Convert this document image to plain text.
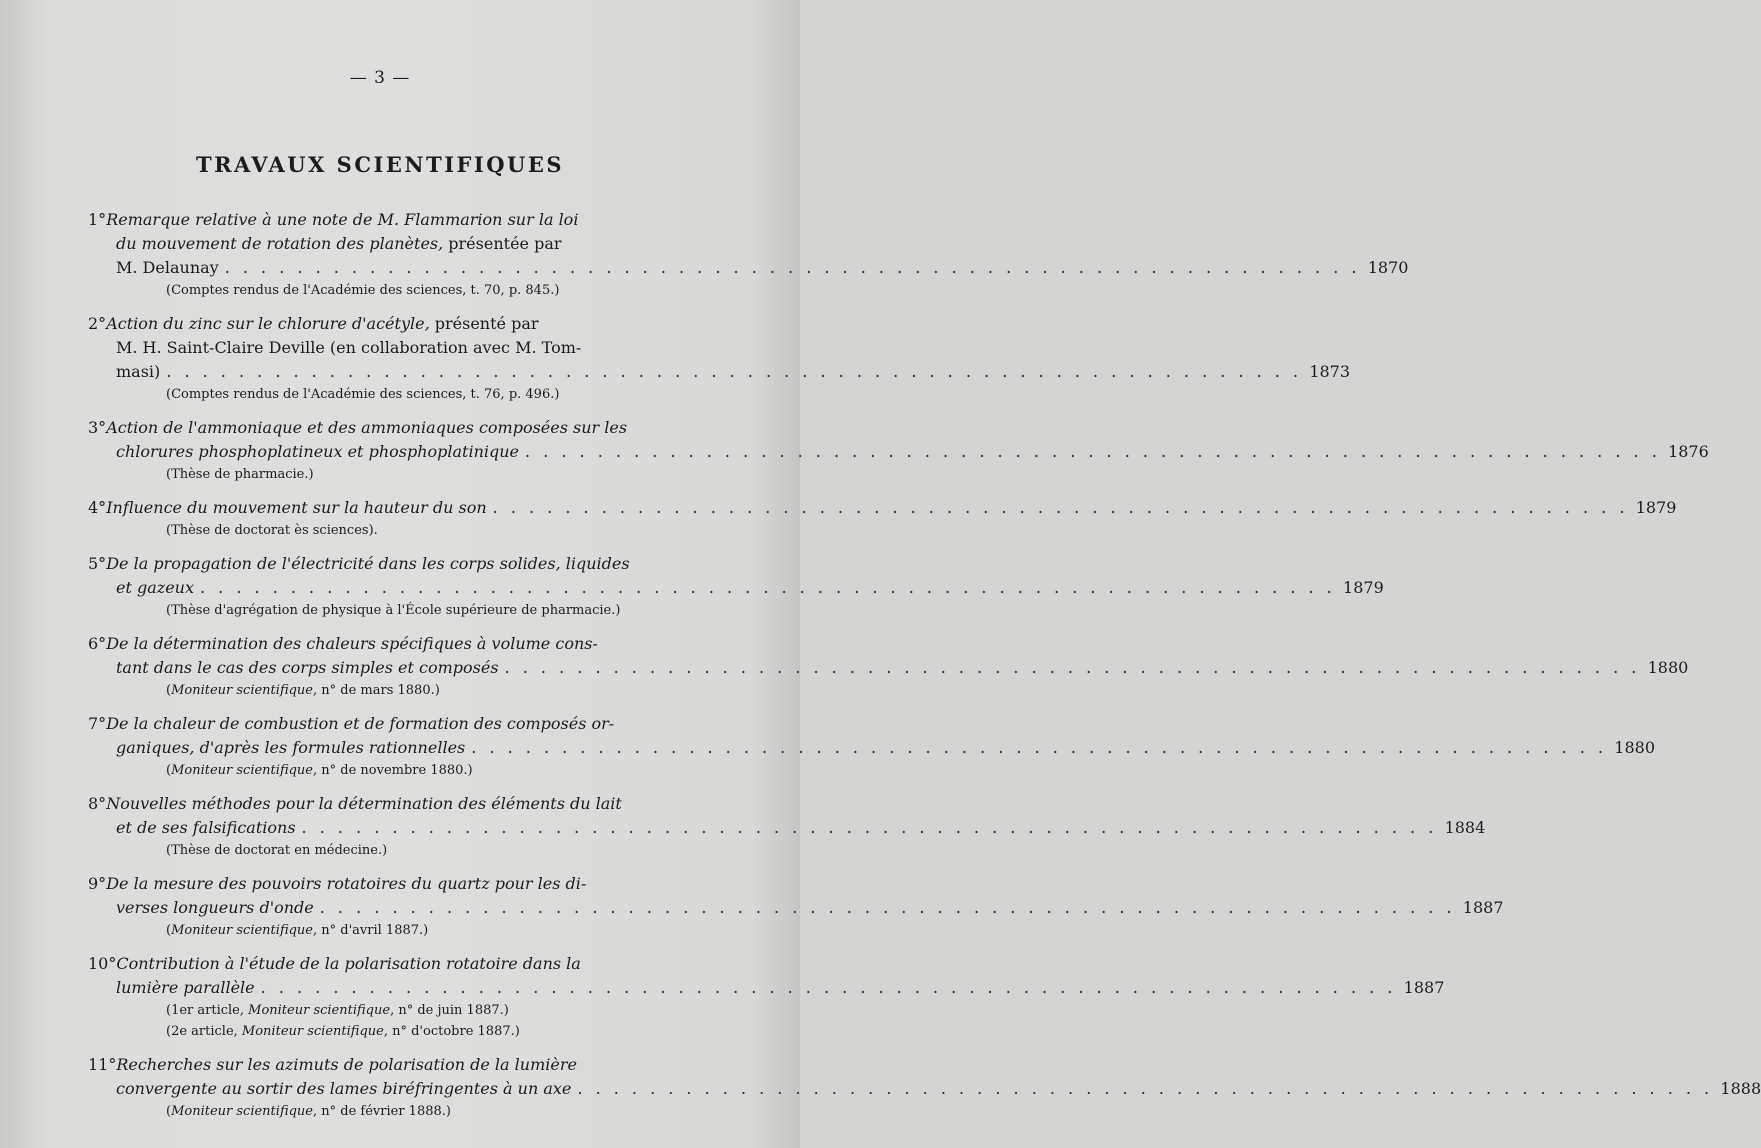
— 3 —
TRAVAUX SCIENTIFIQUES
1°Remarque relative à une note de M. Flammarion sur la loi
du mouvement de rotation des planètes, présentée par
M. Delaunay . . . . . . . . . . . . . . . . . . . . . . . . . . . . . . . . . . . . . . . . . . . . . . . . . . . . . . . . . . . . . . . 1870
(Comptes rendus de l'Académie des sciences, t. 70, p. 845.)
2°Action du zinc sur le chlorure d'acétyle, présenté par
M. H. Saint-Claire Deville (en collaboration avec M. Tom-
masi) . . . . . . . . . . . . . . . . . . . . . . . . . . . . . . . . . . . . . . . . . . . . . . . . . . . . . . . . . . . . . . . 1873
(Comptes rendus de l'Académie des sciences, t. 76, p. 496.)
3°Action de l'ammoniaque et des ammoniaques composées sur les
chlorures phosphoplatineux et phosphoplatinique . . . . . . . . . . . . . . . . . . . . . . . . . . . . . . . . . . . . . . . . . . . . . . . . . . . . . . . . . . . . . . . 1876
(Thèse de pharmacie.)
4°Influence du mouvement sur la hauteur du son . . . . . . . . . . . . . . . . . . . . . . . . . . . . . . . . . . . . . . . . . . . . . . . . . . . . . . . . . . . . . . . 1879
(Thèse de doctorat ès sciences).
5°De la propagation de l'électricité dans les corps solides, liquides
et gazeux . . . . . . . . . . . . . . . . . . . . . . . . . . . . . . . . . . . . . . . . . . . . . . . . . . . . . . . . . . . . . . . 1879
(Thèse d'agrégation de physique à l'École supérieure de pharmacie.)
6°De la détermination des chaleurs spécifiques à volume cons-
tant dans le cas des corps simples et composés . . . . . . . . . . . . . . . . . . . . . . . . . . . . . . . . . . . . . . . . . . . . . . . . . . . . . . . . . . . . . . . 1880
(Moniteur scientifique, n° de mars 1880.)
7°De la chaleur de combustion et de formation des composés or-
ganiques, d'après les formules rationnelles . . . . . . . . . . . . . . . . . . . . . . . . . . . . . . . . . . . . . . . . . . . . . . . . . . . . . . . . . . . . . . . 1880
(Moniteur scientifique, n° de novembre 1880.)
8°Nouvelles méthodes pour la détermination des éléments du lait
et de ses falsifications . . . . . . . . . . . . . . . . . . . . . . . . . . . . . . . . . . . . . . . . . . . . . . . . . . . . . . . . . . . . . . . 1884
(Thèse de doctorat en médecine.)
9°De la mesure des pouvoirs rotatoires du quartz pour les di-
verses longueurs d'onde . . . . . . . . . . . . . . . . . . . . . . . . . . . . . . . . . . . . . . . . . . . . . . . . . . . . . . . . . . . . . . . 1887
(Moniteur scientifique, n° d'avril 1887.)
10°Contribution à l'étude de la polarisation rotatoire dans la
lumière parallèle . . . . . . . . . . . . . . . . . . . . . . . . . . . . . . . . . . . . . . . . . . . . . . . . . . . . . . . . . . . . . . . 1887
(1er article, Moniteur scientifique, n° de juin 1887.)
(2e article, Moniteur scientifique, n° d'octobre 1887.)
11°Recherches sur les azimuts de polarisation de la lumière
convergente au sortir des lames biréfringentes à un axe . . . . . . . . . . . . . . . . . . . . . . . . . . . . . . . . . . . . . . . . . . . . . . . . . . . . . . . . . . . . . . . 1888
(Moniteur scientifique, n° de février 1888.)
